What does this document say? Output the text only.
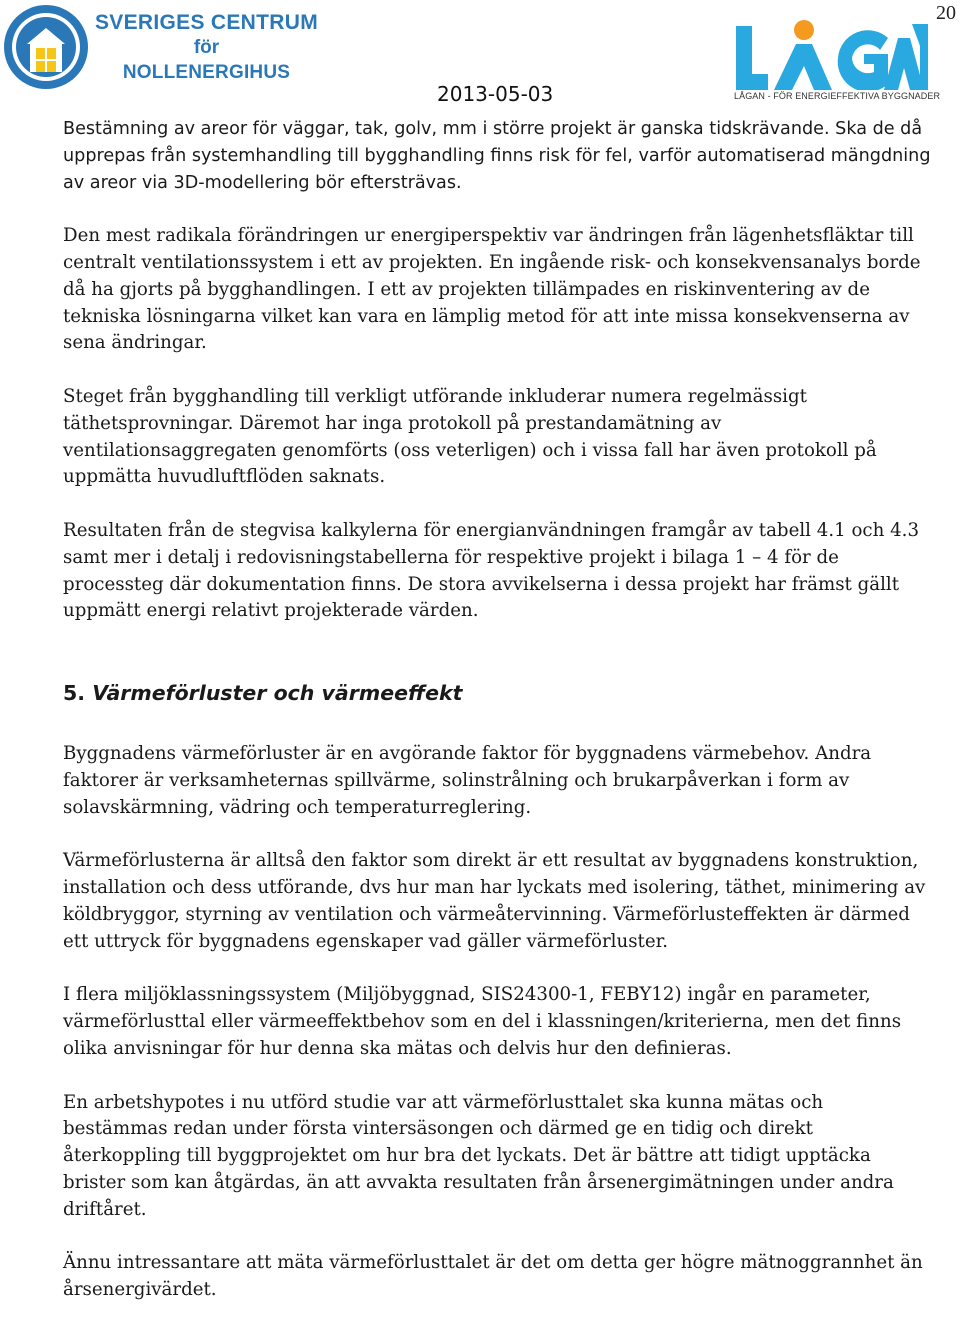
20
SVERIGES CENTRUM
för
NOLLENERGIHUS
LÅGAN - FÖR ENERGIEFFEKTIVA BYGGNADER
2013-05-03

Bestämning av areor för väggar, tak, golv, mm i större projekt är ganska tidskrävande. Ska de då upprepas från systemhandling till bygghandling finns risk för fel, varför automatiserad mängdning av areor via 3D-modellering bör eftersträvas.

Den mest radikala förändringen ur energiperspektiv var ändringen från lägenhetsfläktar till centralt ventilationssystem i ett av projekten. En ingående risk- och konsekvensanalys borde då ha gjorts på bygghandlingen. I ett av projekten tillämpades en riskinventering av de tekniska lösningarna vilket kan vara en lämplig metod för att inte missa konsekvenserna av sena ändringar.

Steget från bygghandling till verkligt utförande inkluderar numera regelmässigt täthetsprovningar. Däremot har inga protokoll på prestandamätning av ventilationsaggregaten genomförts (oss veterligen) och i vissa fall har även protokoll på uppmätta huvudluftflöden saknats.

Resultaten från de stegvisa kalkylerna för energianvändningen framgår av tabell 4.1 och 4.3 samt mer i detalj i redovisningstabellerna för respektive projekt i bilaga 1 – 4 för de processteg där dokumentation finns. De stora avvikelserna i dessa projekt har främst gällt uppmätt energi relativt projekterade värden.

5. Värmeförluster och värmeeffekt

Byggnadens värmeförluster är en avgörande faktor för byggnadens värmebehov. Andra faktorer är verksamheternas spillvärme, solinstrålning och brukarpåverkan i form av solavskärmning, vädring och temperaturreglering.

Värmeförlusterna är alltså den faktor som direkt är ett resultat av byggnadens konstruktion, installation och dess utförande, dvs hur man har lyckats med isolering, täthet, minimering av köldbryggor, styrning av ventilation och värmeåtervinning. Värmeförlusteffekten är därmed ett uttryck för byggnadens egenskaper vad gäller värmeförluster.

I flera miljöklassningssystem (Miljöbyggnad, SIS24300-1, FEBY12) ingår en parameter, värmeförlusttal eller värmeeffektbehov som en del i klassningen/kriterierna, men det finns olika anvisningar för hur denna ska mätas och delvis hur den definieras.

En arbetshypotes i nu utförd studie var att värmeförlusttalet ska kunna mätas och bestämmas redan under första vintersäsongen och därmed ge en tidig och direkt återkoppling till byggprojektet om hur bra det lyckats. Det är bättre att tidigt upptäcka brister som kan åtgärdas, än att avvakta resultaten från årsenergimätningen under andra driftåret.

Ännu intressantare att mäta värmeförlusttalet är det om detta ger högre mätnoggrannhet än årsenergivärdet.
